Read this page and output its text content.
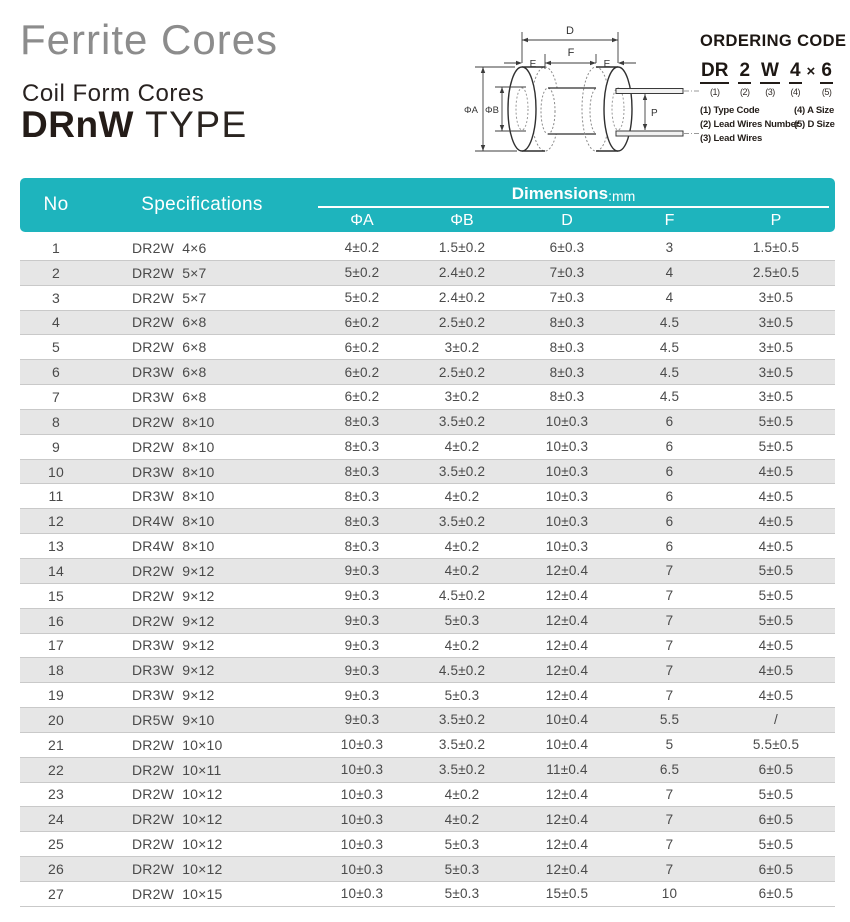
Ferrite Cores
Coil Form Cores
DRnW TYPE
D
E
F
E
ΦA ΦB	P
ORDERING CODE
DR
(1)
2
(2)
W
(3)
4
(4)
× 6
(5)
(1) Type Code	(4) A Size
(2) Lead Wires Number
(5) D Size
(3) Lead Wires
No	Specifications
Dimensions :mm
ΦA	ΦB	D	F	P
1	DR2W  4×6	4±0.2	1.5±0.2	6±0.3	3	1.5±0.5
2	DR2W  5×7	5±0.2	2.4±0.2	7±0.3	4	2.5±0.5
3	DR2W  5×7	5±0.2	2.4±0.2	7±0.3	4	3±0.5
4	DR2W  6×8	6±0.2	2.5±0.2	8±0.3	4.5	3±0.5
5	DR2W  6×8	6±0.2	3±0.2	8±0.3	4.5	3±0.5
6	DR3W  6×8	6±0.2	2.5±0.2	8±0.3	4.5	3±0.5
7	DR3W  6×8	6±0.2	3±0.2	8±0.3	4.5	3±0.5
8	DR2W  8×10	8±0.3	3.5±0.2	10±0.3	6	5±0.5
9	DR2W  8×10	8±0.3	4±0.2	10±0.3	6	5±0.5
10	DR3W  8×10	8±0.3	3.5±0.2	10±0.3	6	4±0.5
11	DR3W  8×10	8±0.3	4±0.2	10±0.3	6	4±0.5
12	DR4W  8×10	8±0.3	3.5±0.2	10±0.3	6	4±0.5
13	DR4W  8×10	8±0.3	4±0.2	10±0.3	6	4±0.5
14	DR2W  9×12	9±0.3	4±0.2	12±0.4	7	5±0.5
15	DR2W  9×12	9±0.3	4.5±0.2	12±0.4	7	5±0.5
16	DR2W  9×12	9±0.3	5±0.3	12±0.4	7	5±0.5
17	DR3W  9×12	9±0.3	4±0.2	12±0.4	7	4±0.5
18	DR3W  9×12	9±0.3	4.5±0.2	12±0.4	7	4±0.5
19	DR3W  9×12	9±0.3	5±0.3	12±0.4	7	4±0.5
20	DR5W  9×10	9±0.3	3.5±0.2	10±0.4	5.5	/
21	DR2W  10×10	10±0.3	3.5±0.2	10±0.4	5	5.5±0.5
22	DR2W  10×11	10±0.3	3.5±0.2	11±0.4	6.5	6±0.5
23	DR2W  10×12	10±0.3	4±0.2	12±0.4	7	5±0.5
24	DR2W  10×12	10±0.3	4±0.2	12±0.4	7	6±0.5
25	DR2W  10×12	10±0.3	5±0.3	12±0.4	7	5±0.5
26	DR2W  10×12	10±0.3	5±0.3	12±0.4	7	6±0.5
27	DR2W  10×15	10±0.3	5±0.3	15±0.5	10	6±0.5
